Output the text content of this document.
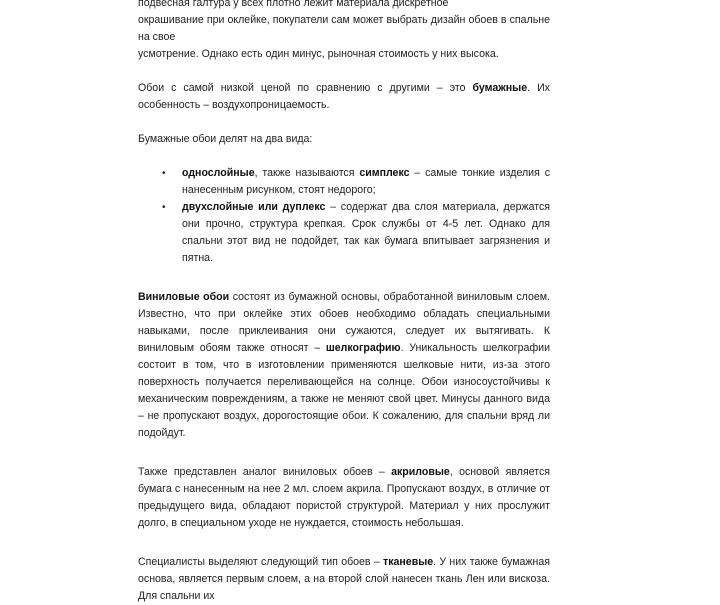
подвесная галтура у всех плотно лежит материала дискретное
окрашивание при оклейке, покупатели сам может выбрать дизайн обоев в спальне на свое
усмотрение. Однако есть один минус, рыночная стоимость у них высока.

Обои с самой низкой ценой по сравнению с другими – это бумажные. Их особенность – воздухопроницаемость.

Бумажные обои делят на два вида:

• однослойные, также называются симплекс – самые тонкие изделия с нанесенным рисунком, стоят недорого;
• двухслойные или дуплекс – содержат два слоя материала, держатся они прочно, структура крепкая. Срок службы от 4-5 лет. Однако для спальни этот вид не подойдет, так как бумага впитывает загрязнения и пятна.

Виниловые обои состоят из бумажной основы, обработанной виниловым слоем. Известно, что при оклейке этих обоев необходимо обладать специальными навыками, после приклеивания они сужаются, следует их вытягивать. К виниловым обоям также относят – шелкографию. Уникальность шелкографии состоит в том, что в изготовлении применяются шелковые нити, из-за этого поверхность получается переливающейся на солнце. Обои износоустойчивы к механическим повреждениям, а также не меняют свой цвет. Минусы данного вида – не пропускают воздух, дорогостоящие обои. К сожалению, для спальни вряд ли подойдут.

Также представлен аналог виниловых обоев – акриловые, основой является бумага с нанесенным на нее 2 мл. слоем акрила. Пропускают воздух, в отличие от предыдущего вида, обладают пористой структурой. Материал у них прослужит долго, в специальном уходе не нуждается, стоимость небольшая.

Специалисты выделяют следующий тип обоев – тканевые. У них также бумажная основа, является первым слоем, а на второй слой нанесен ткань Лен или вискоза. Для спальни их
